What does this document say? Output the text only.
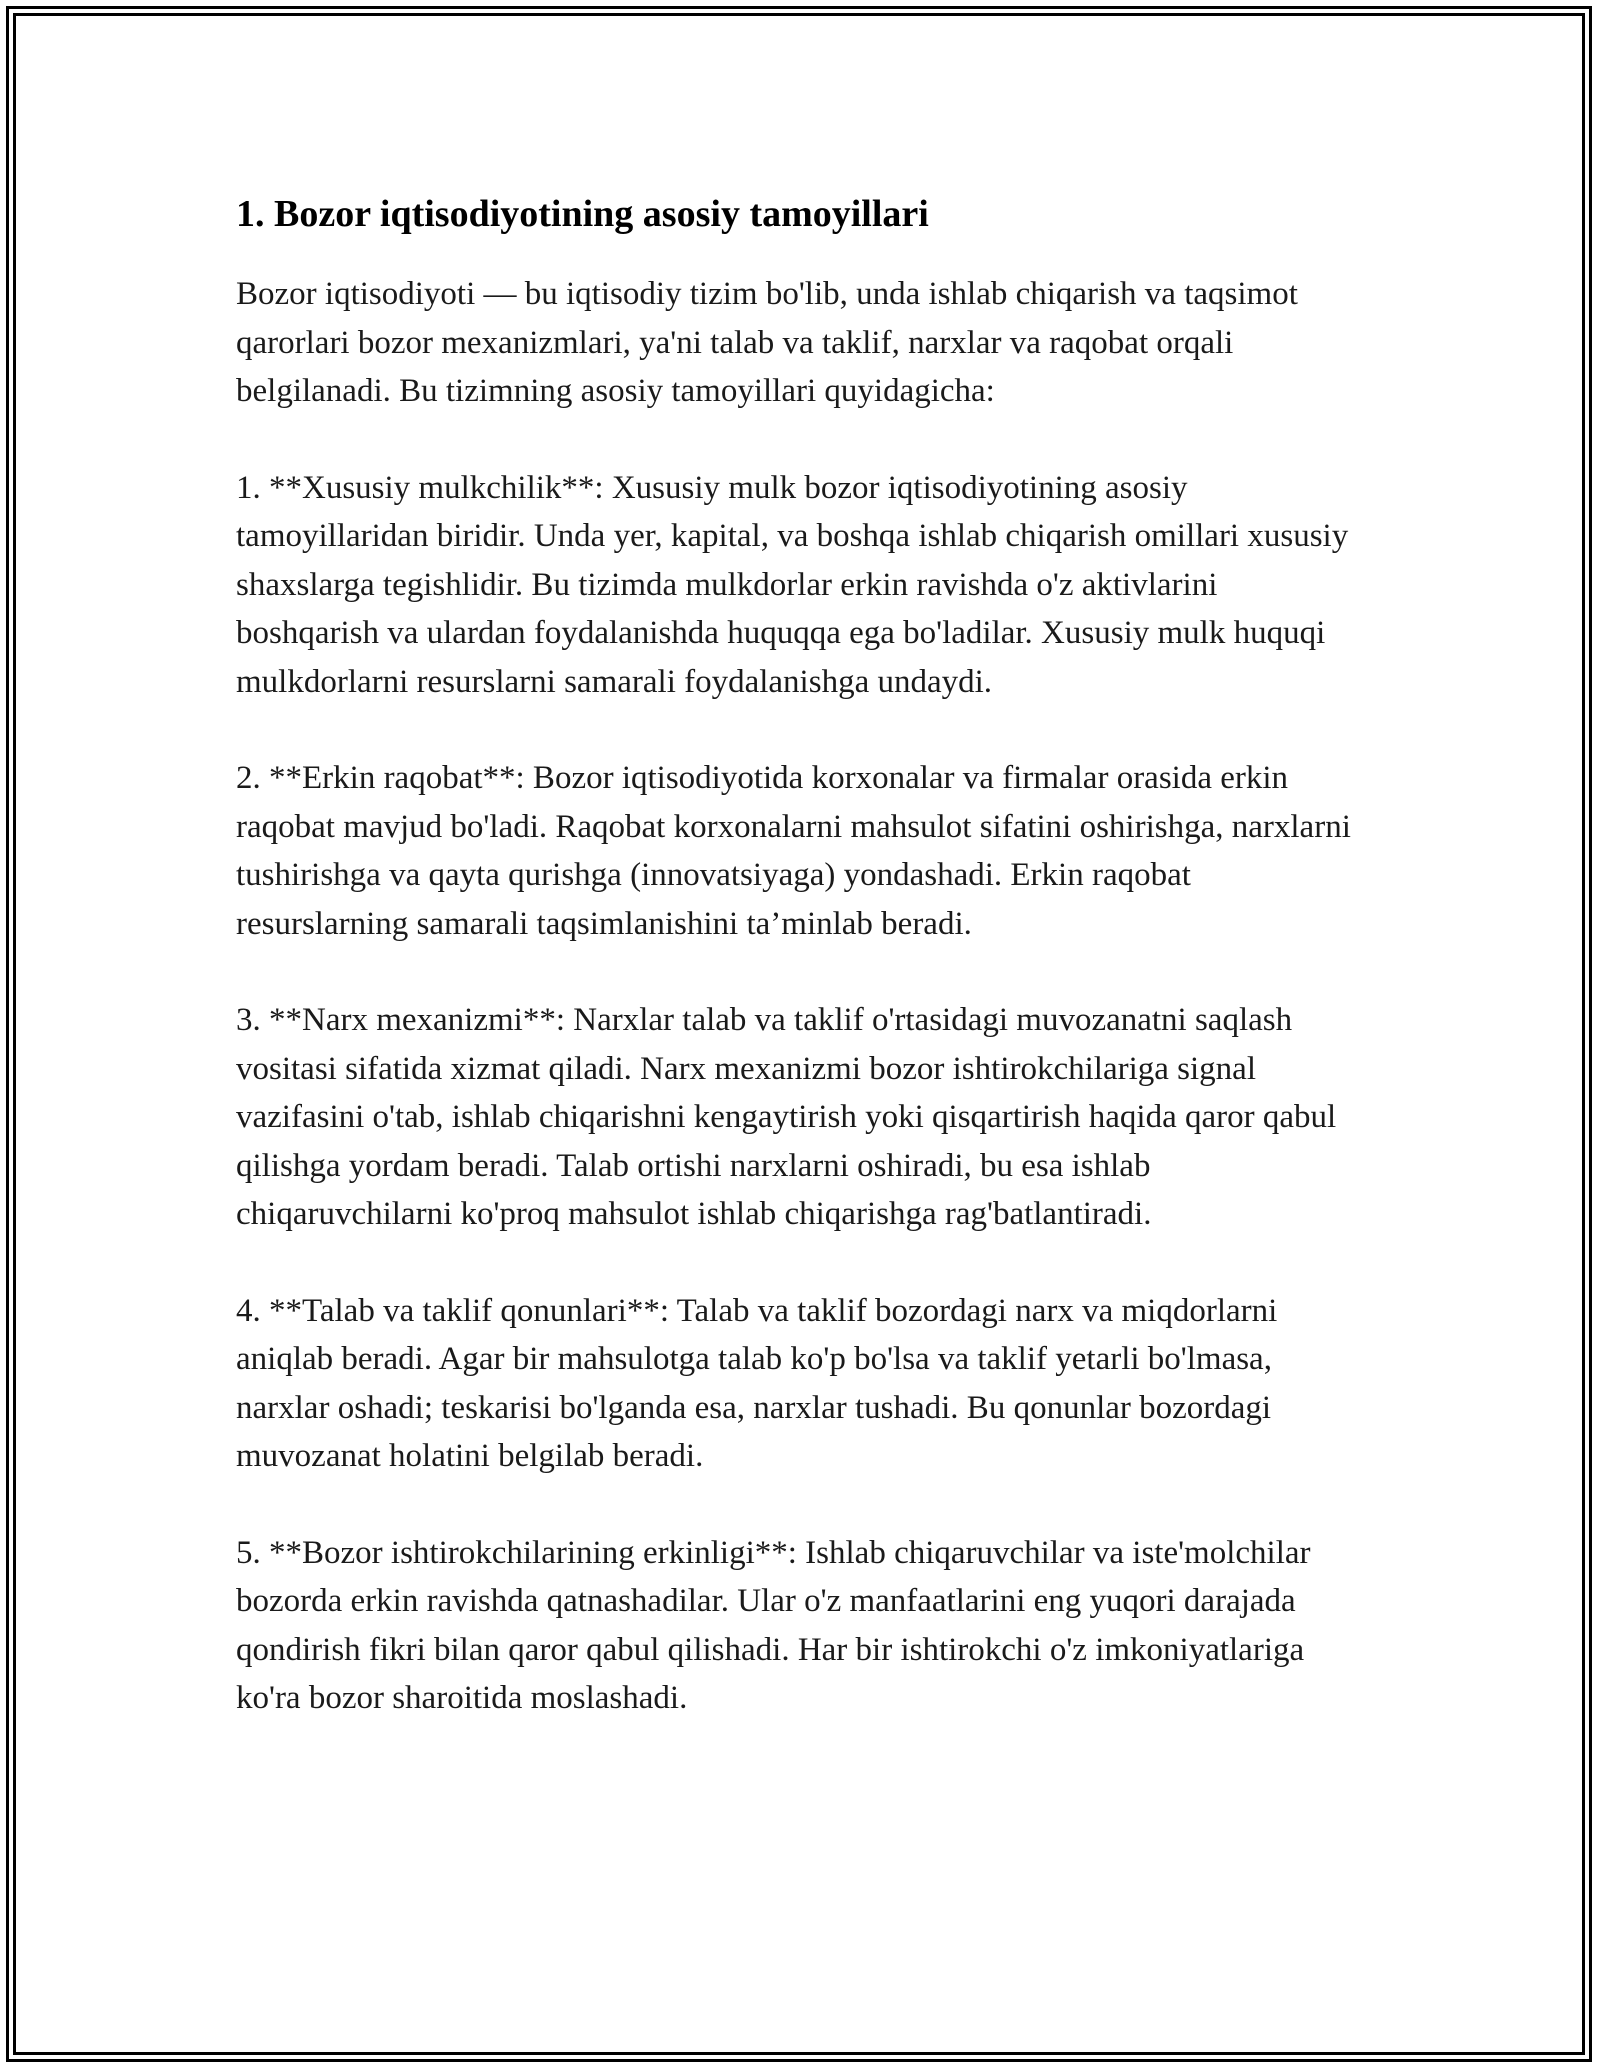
1. Bozor iqtisodiyotining asosiy tamoyillari

Bozor iqtisodiyoti — bu iqtisodiy tizim bo'lib, unda ishlab chiqarish va taqsimot qarorlari bozor mexanizmlari, ya'ni talab va taklif, narxlar va raqobat orqali belgilanadi. Bu tizimning asosiy tamoyillari quyidagicha:

1. **Xususiy mulkchilik**: Xususiy mulk bozor iqtisodiyotining asosiy tamoyillaridan biridir. Unda yer, kapital, va boshqa ishlab chiqarish omillari xususiy shaxslarga tegishlidir. Bu tizimda mulkdorlar erkin ravishda o'z aktivlarini boshqarish va ulardan foydalanishda huquqqa ega bo'ladilar. Xususiy mulk huquqi mulkdorlarni resurslarni samarali foydalanishga undaydi.

2. **Erkin raqobat**: Bozor iqtisodiyotida korxonalar va firmalar orasida erkin raqobat mavjud bo'ladi. Raqobat korxonalarni mahsulot sifatini oshirishga, narxlarni tushirishga va qayta qurishga (innovatsiyaga) yondashadi. Erkin raqobat resurslarning samarali taqsimlanishini ta’minlab beradi.

3. **Narx mexanizmi**: Narxlar talab va taklif o'rtasidagi muvozanatni saqlash vositasi sifatida xizmat qiladi. Narx mexanizmi bozor ishtirokchilariga signal vazifasini o'tab, ishlab chiqarishni kengaytirish yoki qisqartirish haqida qaror qabul qilishga yordam beradi. Talab ortishi narxlarni oshiradi, bu esa ishlab chiqaruvchilarni ko'proq mahsulot ishlab chiqarishga rag'batlantiradi.

4. **Talab va taklif qonunlari**: Talab va taklif bozordagi narx va miqdorlarni aniqlab beradi. Agar bir mahsulotga talab ko'p bo'lsa va taklif yetarli bo'lmasa, narxlar oshadi; teskarisi bo'lganda esa, narxlar tushadi. Bu qonunlar bozordagi muvozanat holatini belgilab beradi.

5. **Bozor ishtirokchilarining erkinligi**: Ishlab chiqaruvchilar va iste'molchilar bozorda erkin ravishda qatnashadilar. Ular o'z manfaatlarini eng yuqori darajada qondirish fikri bilan qaror qabul qilishadi. Har bir ishtirokchi o'z imkoniyatlariga ko'ra bozor sharoitida moslashadi.
